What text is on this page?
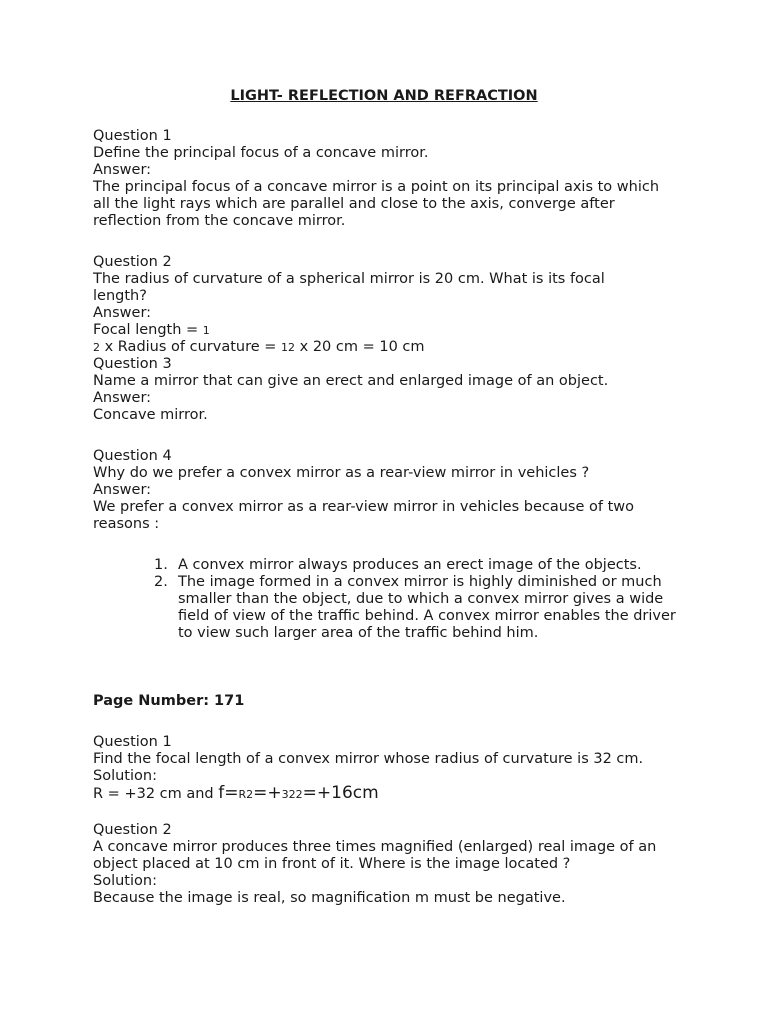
LIGHT- REFLECTION AND REFRACTION
Question 1
Define the principal focus of a concave mirror.
Answer:
The principal focus of a concave mirror is a point on its principal axis to which all the light rays which are parallel and close to the axis, converge after reflection from the concave mirror.
Question 2
The radius of curvature of a spherical mirror is 20 cm. What is its focal length?
Answer:
Focal length = 1
2 x Radius of curvature = 12 x 20 cm = 10 cm
Question 3
Name a mirror that can give an erect and enlarged image of an object.
Answer:
Concave mirror.
Question 4
Why do we prefer a convex mirror as a rear-view mirror in vehicles ?
Answer:
We prefer a convex mirror as a rear-view mirror in vehicles because of two reasons :
1. A convex mirror always produces an erect image of the objects.
2. The image formed in a convex mirror is highly diminished or much smaller than the object, due to which a convex mirror gives a wide field of view of the traffic behind. A convex mirror enables the driver to view such larger area of the traffic behind him.
Page Number: 171
Question 1
Find the focal length of a convex mirror whose radius of curvature is 32 cm.
Solution:
R = +32 cm and f=R2=+322=+16cm
Question 2
A concave mirror produces three times magnified (enlarged) real image of an object placed at 10 cm in front of it. Where is the image located ?
Solution:
Because the image is real, so magnification m must be negative.
